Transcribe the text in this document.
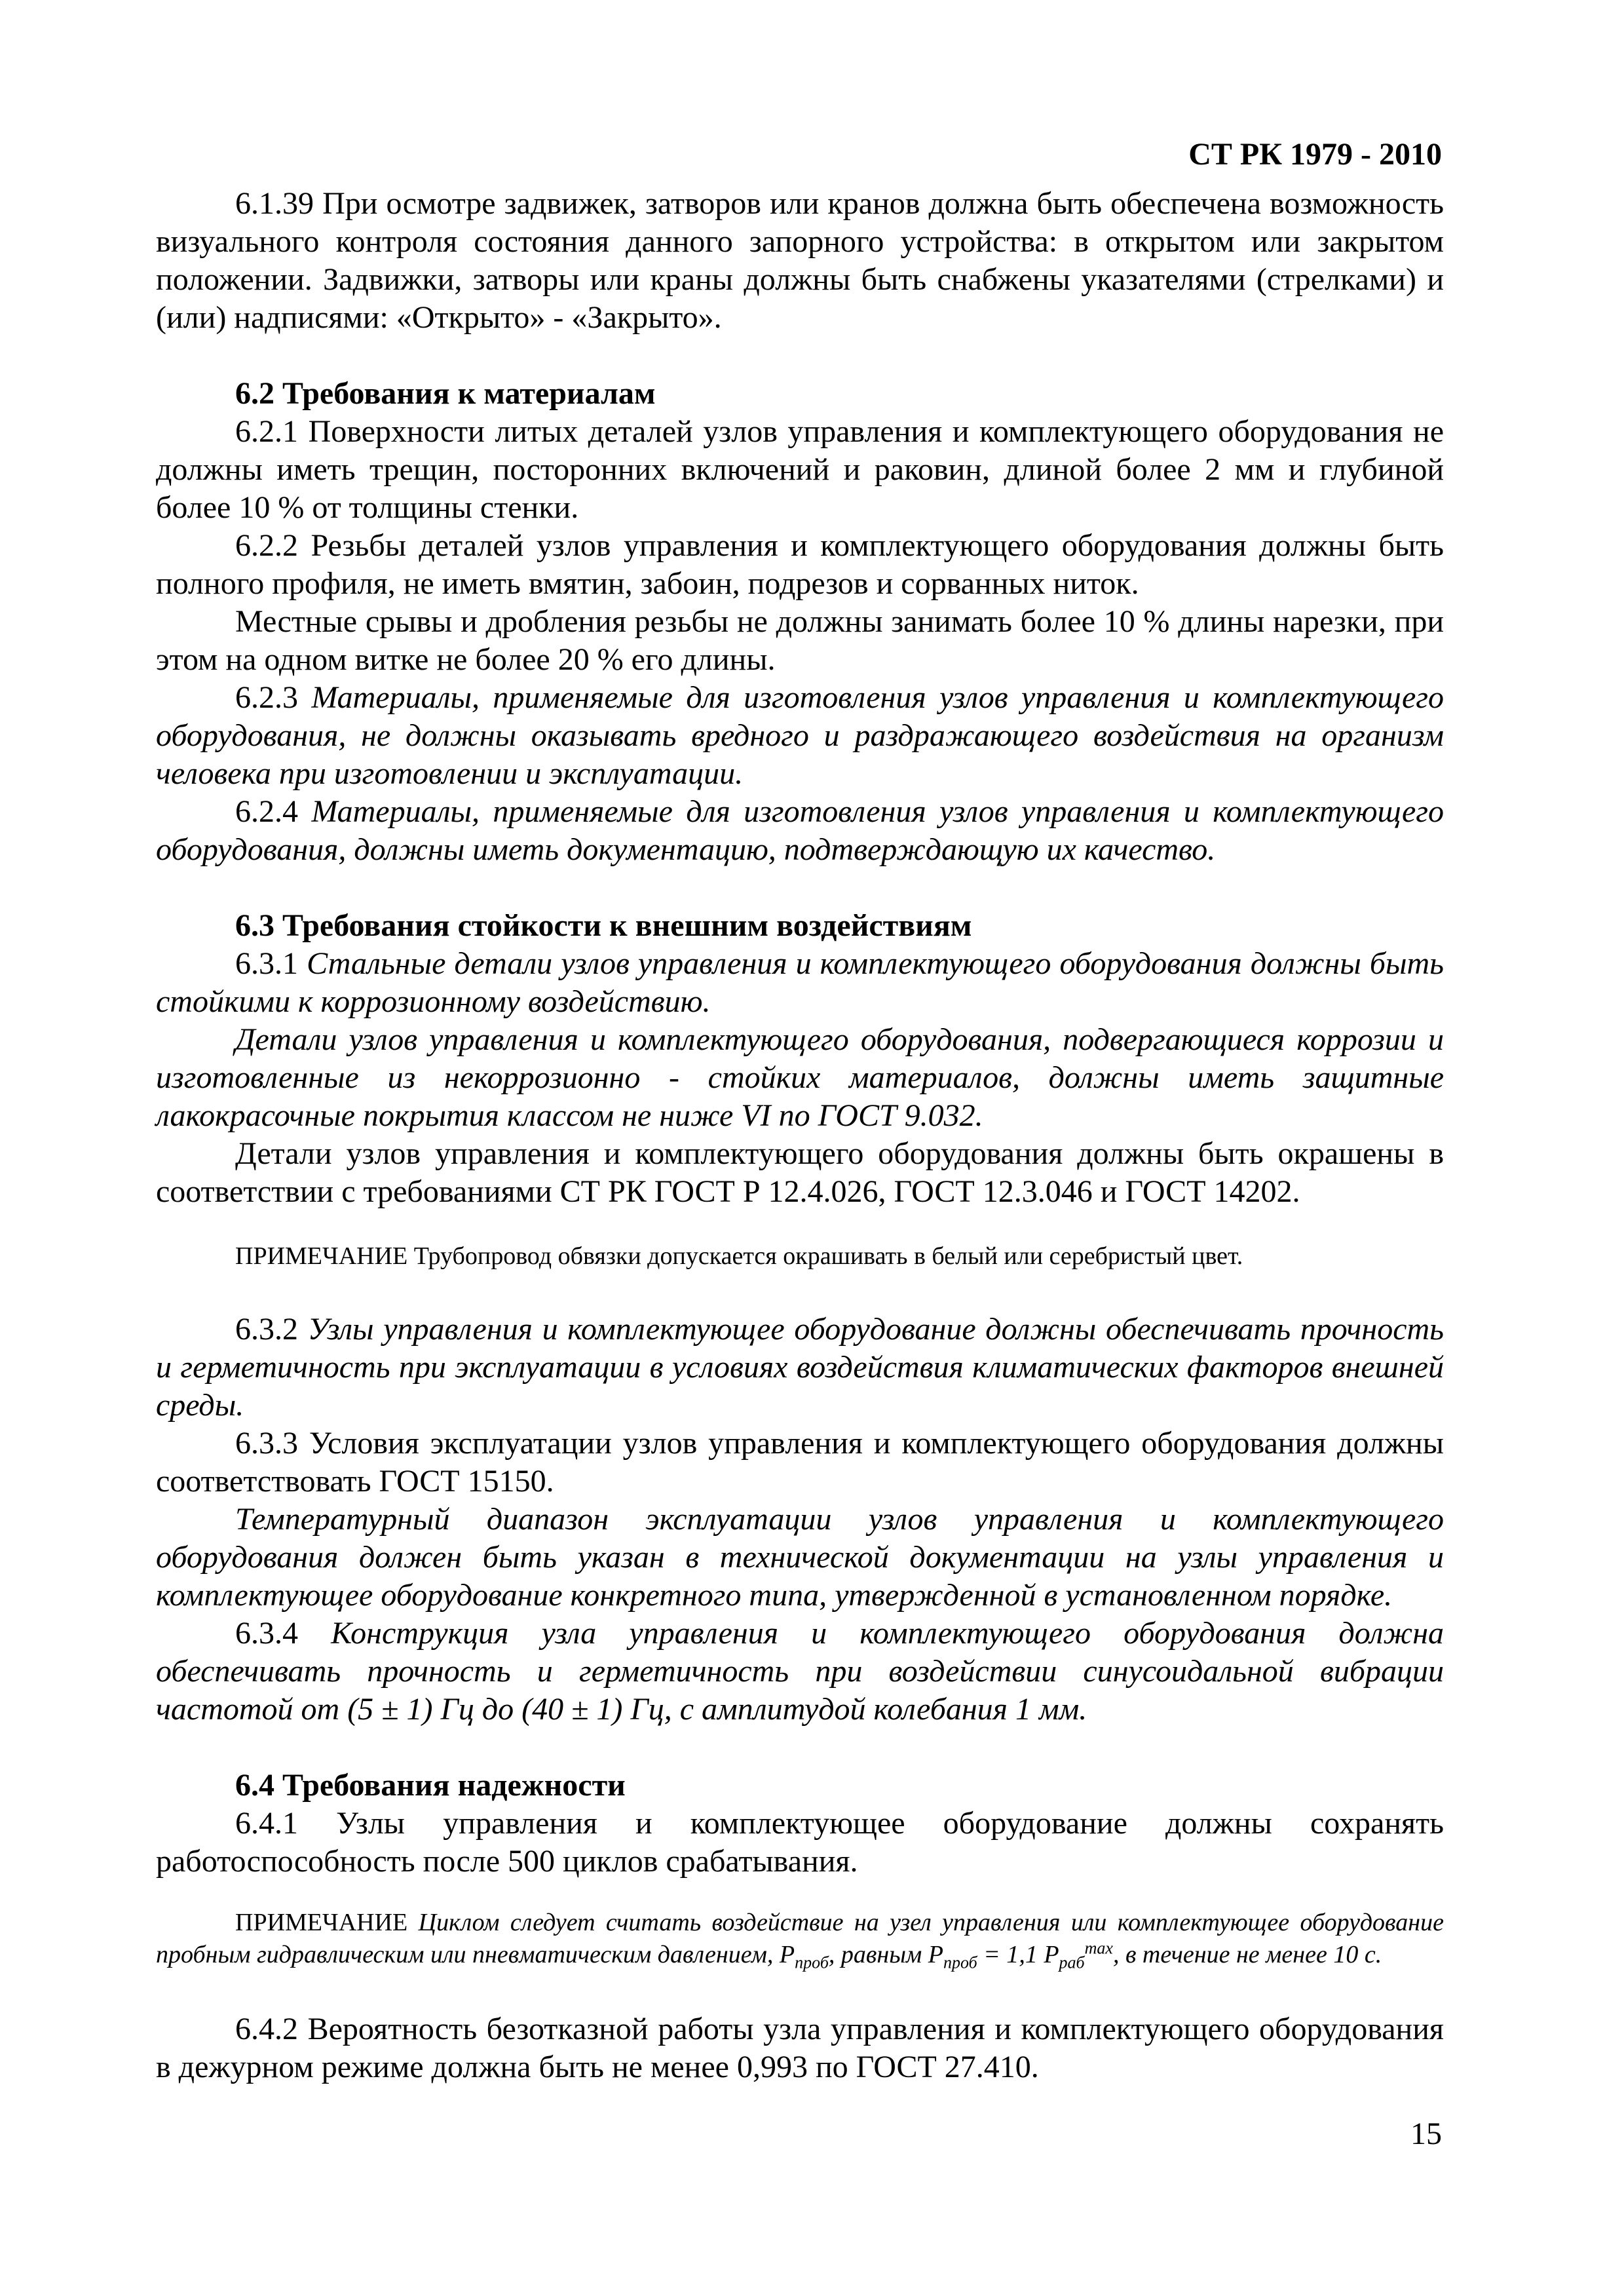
СТ РК 1979 - 2010

6.1.39 При осмотре задвижек, затворов или кранов должна быть обеспечена возможность визуального контроля состояния данного запорного устройства: в открытом или закрытом положении. Задвижки, затворы или краны должны быть снабжены указателями (стрелками) и (или) надписями: «Открыто» - «Закрыто».

6.2 Требования к материалам

6.2.1 Поверхности литых деталей узлов управления и комплектующего оборудования не должны иметь трещин, посторонних включений и раковин, длиной более 2 мм и глубиной более 10 % от толщины стенки.

6.2.2 Резьбы деталей узлов управления и комплектующего оборудования должны быть полного профиля, не иметь вмятин, забоин, подрезов и сорванных ниток.

Местные срывы и дробления резьбы не должны занимать более 10 % длины нарезки, при этом на одном витке не более 20 % его длины.

6.2.3 Материалы, применяемые для изготовления узлов управления и комплектующего оборудования, не должны оказывать вредного и раздражающего воздействия на организм человека при изготовлении и эксплуатации.

6.2.4 Материалы, применяемые для изготовления узлов управления и комплектующего оборудования, должны иметь документацию, подтверждающую их качество.

6.3 Требования стойкости к внешним воздействиям

6.3.1 Стальные детали узлов управления и комплектующего оборудования должны быть стойкими к коррозионному воздействию.

Детали узлов управления и комплектующего оборудования, подвергающиеся коррозии и изготовленные из некоррозионно - стойких материалов, должны иметь защитные лакокрасочные покрытия классом не ниже VI по ГОСТ 9.032.

Детали узлов управления и комплектующего оборудования должны быть окрашены в соответствии с требованиями СТ РК ГОСТ Р 12.4.026, ГОСТ 12.3.046 и ГОСТ 14202.

ПРИМЕЧАНИЕ Трубопровод обвязки допускается окрашивать в белый или серебристый цвет.

6.3.2 Узлы управления и комплектующее оборудование должны обеспечивать прочность и герметичность при эксплуатации в условиях воздействия климатических факторов внешней среды.

6.3.3 Условия эксплуатации узлов управления и комплектующего оборудования должны соответствовать ГОСТ 15150.

Температурный диапазон эксплуатации узлов управления и комплектующего оборудования должен быть указан в технической документации на узлы управления и комплектующее оборудование конкретного типа, утвержденной в установленном порядке.

6.3.4 Конструкция узла управления и комплектующего оборудования должна обеспечивать прочность и герметичность при воздействии синусоидальной вибрации частотой от (5 ± 1) Гц до (40 ± 1) Гц, с амплитудой колебания 1 мм.

6.4 Требования надежности

6.4.1 Узлы управления и комплектующее оборудование должны сохранять работоспособность после 500 циклов срабатывания.

ПРИМЕЧАНИЕ Циклом следует считать воздействие на узел управления или комплектующее оборудование пробным гидравлическим или пневматическим давлением, $P_{проб}$, равным $P_{проб} = 1,1$ $P_{раб}^{max}$, в течение не менее 10 с.

6.4.2 Вероятность безотказной работы узла управления и комплектующего оборудования в дежурном режиме должна быть не менее 0,993 по ГОСТ 27.410.

15
